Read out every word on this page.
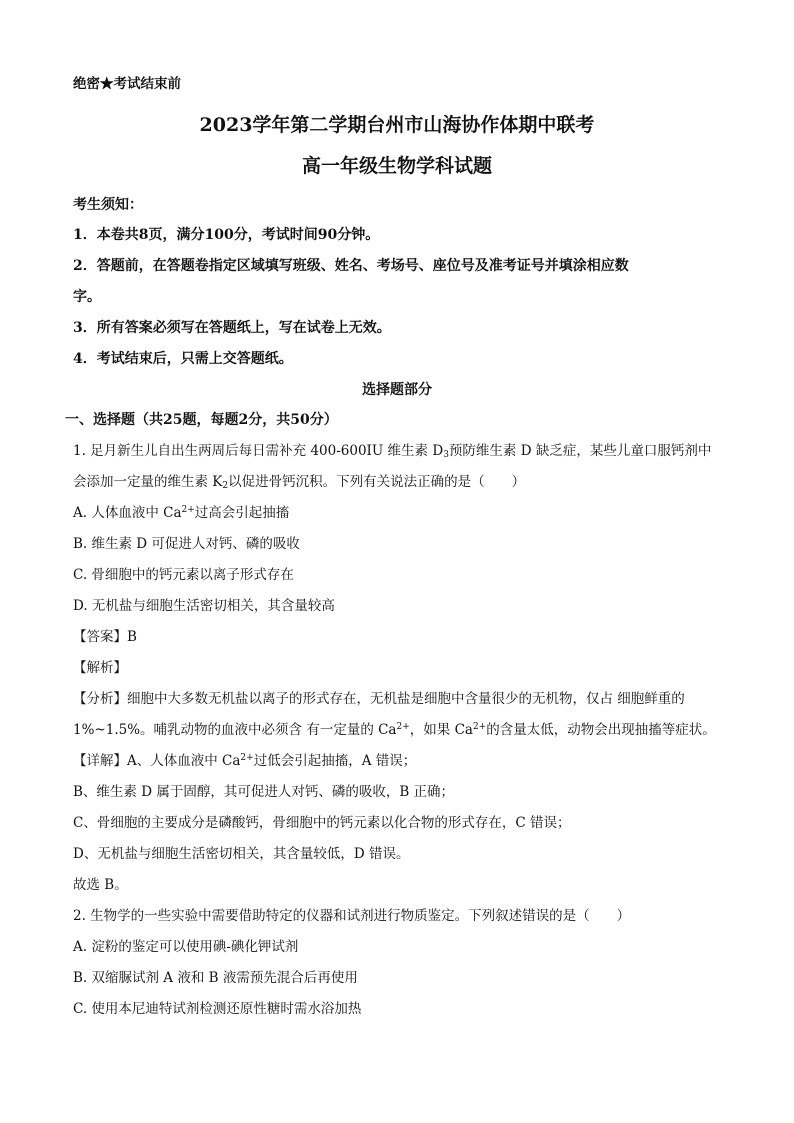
绝密★考试结束前
2023学年第二学期台州市山海协作体期中联考
高一年级生物学科试题
考生须知：
1．本卷共8页，满分100分，考试时间90分钟。
2．答题前，在答题卷指定区域填写班级、姓名、考场号、座位号及准考证号并填涂相应数
字。
3．所有答案必须写在答题纸上，写在试卷上无效。
4．考试结束后，只需上交答题纸。
选择题部分
一、选择题（共25题，每题2分，共50分）
1. 足月新生儿自出生两周后每日需补充 400-600IU 维生素 $D_3$预防维生素 D 缺乏症，某些儿童口服钙剂中
会添加一定量的维生素 $K_2$以促进骨钙沉积。下列有关说法正确的是（　　）
A. 人体血液中 $Ca^{2+}$过高会引起抽搐
B. 维生素 D 可促进人对钙、磷的吸收
C. 骨细胞中的钙元素以离子形式存在
D. 无机盐与细胞生活密切相关，其含量较高
【答案】B
【解析】
【分析】细胞中大多数无机盐以离子的形式存在，无机盐是细胞中含量很少的无机物，仅占 细胞鲜重的
1%~1.5%。哺乳动物的血液中必须含 有一定量的 $Ca^{2+}$，如果 $Ca^{2+}$的含量太低，动物会出现抽搐等症状。
【详解】A、人体血液中 $Ca^{2+}$过低会引起抽搐，A 错误；
B、维生素 D 属于固醇，其可促进人对钙、磷的吸收，B 正确；
C、骨细胞的主要成分是磷酸钙，骨细胞中的钙元素以化合物的形式存在，C 错误；
D、无机盐与细胞生活密切相关，其含量较低，D 错误。
故选 B。
2. 生物学的一些实验中需要借助特定的仪器和试剂进行物质鉴定。下列叙述错误的是（　　）
A. 淀粉的鉴定可以使用碘-碘化钾试剂
B. 双缩脲试剂 A 液和 B 液需预先混合后再使用
C. 使用本尼迪特试剂检测还原性糖时需水浴加热
